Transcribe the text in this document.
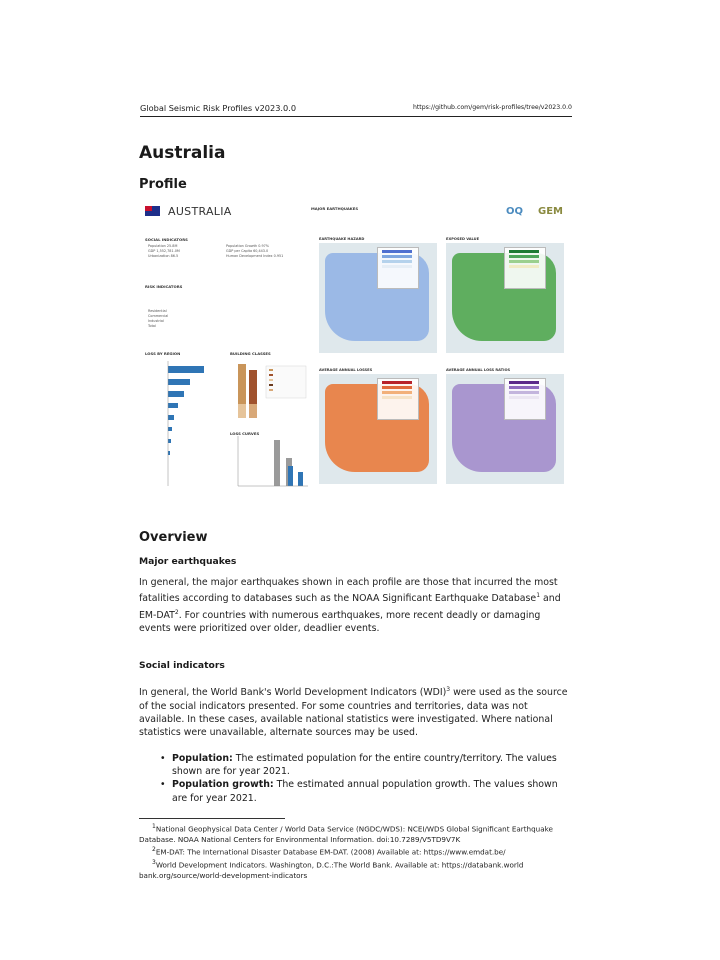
Global Seismic Risk Profiles v2023.0.0	https://github.com/gem/risk-profiles/tree/v2023.0.0
Australia
Profile
AUSTRALIA
SOCIAL INDICATORS
Population 25.8M
GDP 1,552,781.0M
Urbanization 86.5
Population Growth 0.97%
GDP per Capita 60,443.0
Human Development Index 0.951
RISK INDICATORS
Residential
Commercial
Industrial
Total
LOSS BY REGION	BUILDING CLASSES
LOSS CURVES
MAJOR EARTHQUAKES	OQ GEM
EARTHQUAKE HAZARD	EXPOSED VALUE
AVERAGE ANNUAL LOSSES	AVERAGE ANNUAL LOSS RATIOS
Overview
Major earthquakes

In general, the major earthquakes shown in each profile are those that incurred the most fatalities according to databases such as the NOAA Significant Earthquake Database$^1$ and EM-DAT$^2$. For countries with numerous earthquakes, more recent deadly or damaging events were prioritized over older, deadlier events.

Social indicators

In general, the World Bank's World Development Indicators (WDI)$^3$ were used as the source of the social indicators presented. For some countries and territories, data was not available. In these cases, available national statistics were investigated. Where national statistics were unavailable, alternate sources may be used.

• Population: The estimated population for the entire country/territory. The values shown are for year 2021.
• Population growth: The estimated annual population growth. The values shown are for year 2021.
$^1$National Geophysical Data Center / World Data Service (NGDC/WDS): NCEI/WDS Global Significant Earthquake Database. NOAA National Centers for Environmental Information. doi:10.7289/V5TD9V7K
$^2$EM-DAT: The International Disaster Database EM-DAT. (2008) Available at: https://www.emdat.be/
$^3$World Development Indicators. Washington, D.C.:The World Bank. Available at: https://databank.world bank.org/source/world-development-indicators
